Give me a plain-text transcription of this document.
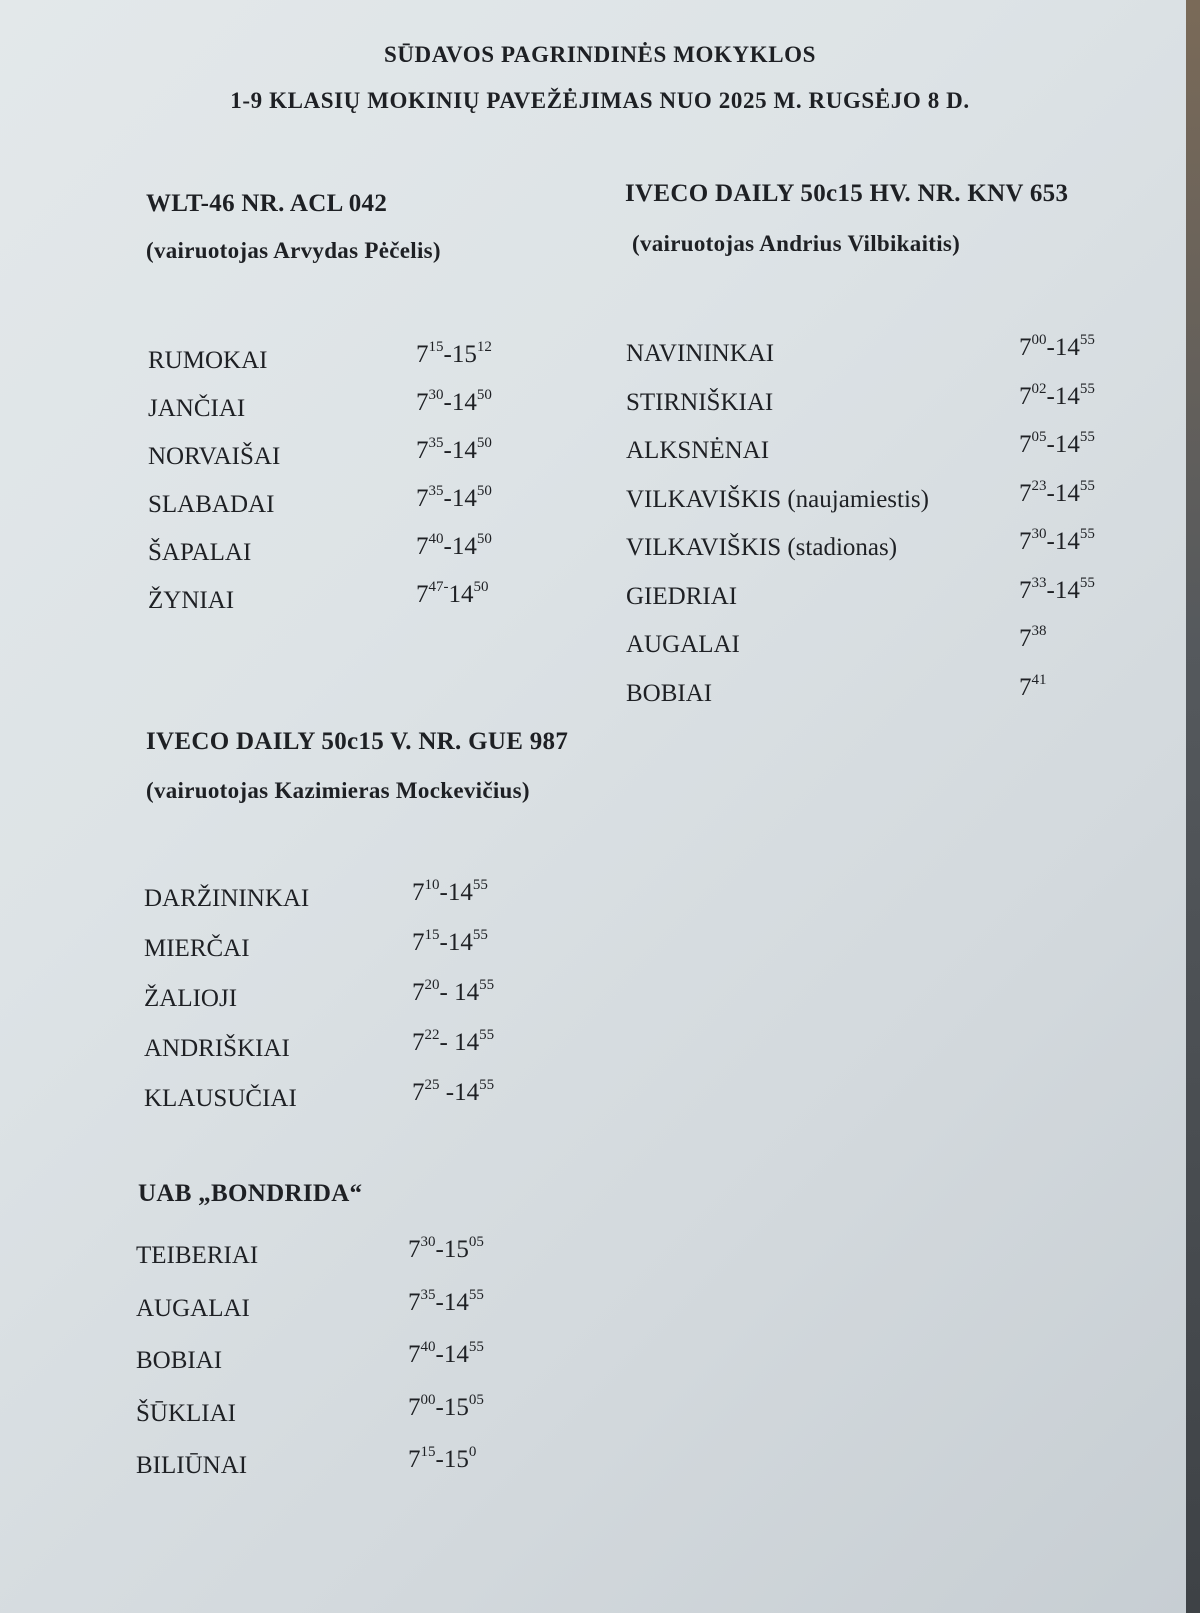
SŪDAVOS PAGRINDINĖS MOKYKLOS
1-9 KLASIŲ MOKINIŲ PAVEŽĖJIMAS NUO 2025 M. RUGSĖJO 8 D.
WLT-46 NR. ACL 042
(vairuotojas Arvydas Pėčelis)
RUMOKAI	$7^{15}-15^{12}$
JANČIAI	$7^{30}-14^{50}$
NORVAIŠAI	$7^{35}-14^{50}$
SLABADAI	$7^{35}-14^{50}$
ŠAPALAI	$7^{40}-14^{50}$
ŽYNIAI	$7^{47-}14^{50}$
IVECO DAILY 50c15 HV. NR. KNV 653
(vairuotojas Andrius Vilbikaitis)
NAVININKAI	$7^{00}-14^{55}$
STIRNIŠKIAI	$7^{02}-14^{55}$
ALKSNĖNAI	$7^{05}-14^{55}$
VILKAVIŠKIS (naujamiestis)	$7^{23}-14^{55}$
VILKAVIŠKIS (stadionas)	$7^{30}-14^{55}$
GIEDRIAI	$7^{33}-14^{55}$
AUGALAI	$7^{38}$
BOBIAI	$7^{41}$
IVECO DAILY 50c15 V. NR. GUE 987
(vairuotojas Kazimieras Mockevičius)
DARŽININKAI	$7^{10}-14^{55}$
MIERČAI	$7^{15}-14^{55}$
ŽALIOJI	$7^{20}-$ $14^{55}$
ANDRIŠKIAI	$7^{22}-$ $14^{55}$
KLAUSUČIAI	$7^{25}$ $-14^{55}$
UAB „BONDRIDA“
TEIBERIAI	$7^{30}-15^{05}$
AUGALAI	$7^{35}-14^{55}$
BOBIAI	$7^{40}-14^{55}$
ŠŪKLIAI	$7^{00}-15^{05}$
BILIŪNAI	$7^{15}-15^0$
